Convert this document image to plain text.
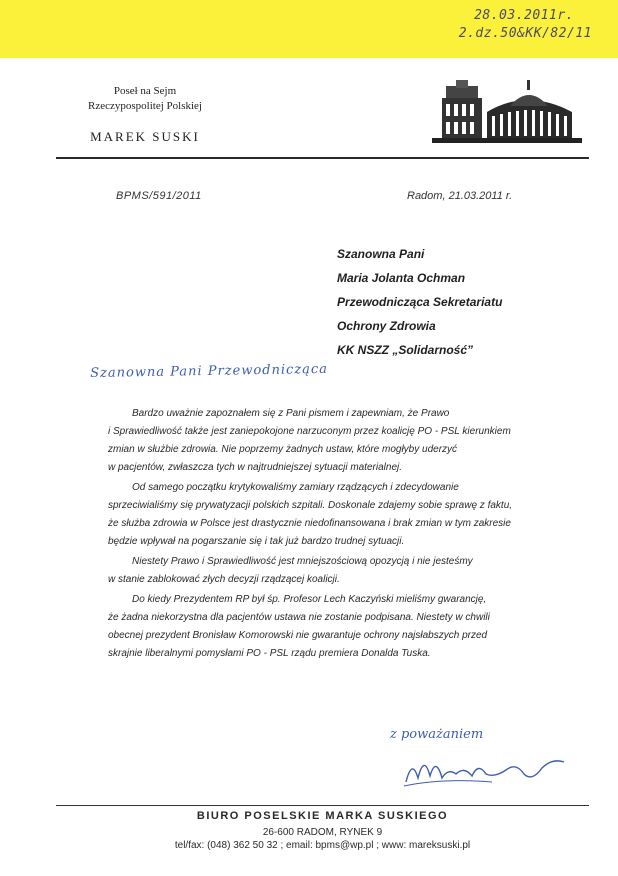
28.03.2011r.
2.dz.50&KK/82/11
Poseł na Sejm
Rzeczypospolitej Polskiej
MAREK SUSKI
BPMS/591/2011	Radom, 21.03.2011 r.
Szanowna Pani
Maria Jolanta Ochman
Przewodnicząca Sekretariatu
Ochrony Zdrowia
KK NSZZ „Solidarność”
Szanowna Pani Przewodnicząca

Bardzo uważnie zapoznałem się z Pani pismem i zapewniam, że Prawo
i Sprawiedliwość także jest zaniepokojone narzuconym przez koalicję PO - PSL kierunkiem
zmian w służbie zdrowia. Nie poprzemy żadnych ustaw, które mogłyby uderzyć
w pacjentów, zwłaszcza tych w najtrudniejszej sytuacji materialnej.

Od samego początku krytykowaliśmy zamiary rządzących i zdecydowanie
sprzeciwialiśmy się prywatyzacji polskich szpitali. Doskonale zdajemy sobie sprawę z faktu,
że służba zdrowia w Polsce jest drastycznie niedofinansowana i brak zmian w tym zakresie
będzie wpływał na pogarszanie się i tak już bardzo trudnej sytuacji.

Niestety Prawo i Sprawiedliwość jest mniejszościową opozycją i nie jesteśmy
w stanie zablokować złych decyzji rządzącej koalicji.

Do kiedy Prezydentem RP był śp. Profesor Lech Kaczyński mieliśmy gwarancję,
że żadna niekorzystna dla pacjentów ustawa nie zostanie podpisana. Niestety w chwili
obecnej prezydent Bronisław Komorowski nie gwarantuje ochrony najsłabszych przed
skrajnie liberalnymi pomysłami PO - PSL rządu premiera Donalda Tuska.

z poważaniem
BIURO POSELSKIE MARKA SUSKIEGO
26-600 RADOM, RYNEK 9
tel/fax: (048) 362 50 32 ; email: bpms@wp.pl ; www: mareksuski.pl
